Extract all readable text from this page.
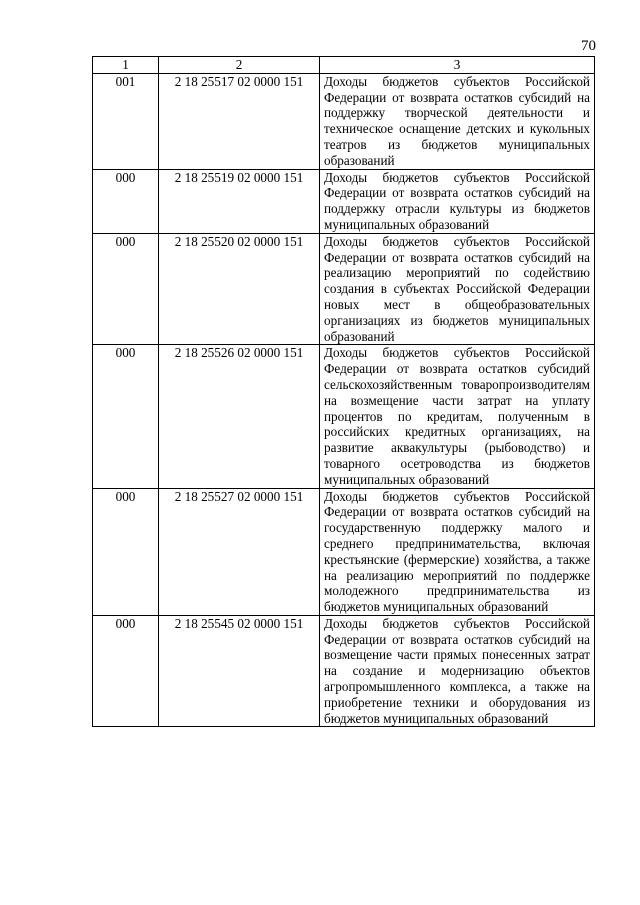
70
1	2	3
001	2 18 25517 02 0000 151	Доходы бюджетов субъектов Российской Федерации от возврата остатков субсидий на поддержку творческой деятельности и техническое оснащение детских и кукольных театров из бюджетов муниципальных образований
000	2 18 25519 02 0000 151	Доходы бюджетов субъектов Российской Федерации от возврата остатков субсидий на поддержку отрасли культуры из бюджетов муниципальных образований
000	2 18 25520 02 0000 151	Доходы бюджетов субъектов Российской Федерации от возврата остатков субсидий на реализацию мероприятий по содействию создания в субъектах Российской Федерации новых мест в общеобразовательных организациях из бюджетов муниципальных образований
000	2 18 25526 02 0000 151	Доходы бюджетов субъектов Российской Федерации от возврата остатков субсидий сельскохозяйственным товаропроизводителям на возмещение части затрат на уплату процентов по кредитам, полученным в российских кредитных организациях, на развитие аквакультуры (рыбоводство) и товарного осетроводства из бюджетов муниципальных образований
000	2 18 25527 02 0000 151	Доходы бюджетов субъектов Российской Федерации от возврата остатков субсидий на государственную поддержку малого и среднего предпринимательства, включая крестьянские (фермерские) хозяйства, а также на реализацию мероприятий по поддержке молодежного предпринимательства из бюджетов муниципальных образований
000	2 18 25545 02 0000 151	Доходы бюджетов субъектов Российской Федерации от возврата остатков субсидий на возмещение части прямых понесенных затрат на создание и модернизацию объектов агропромышленного комплекса, а также на приобретение техники и оборудования из бюджетов муниципальных образований
